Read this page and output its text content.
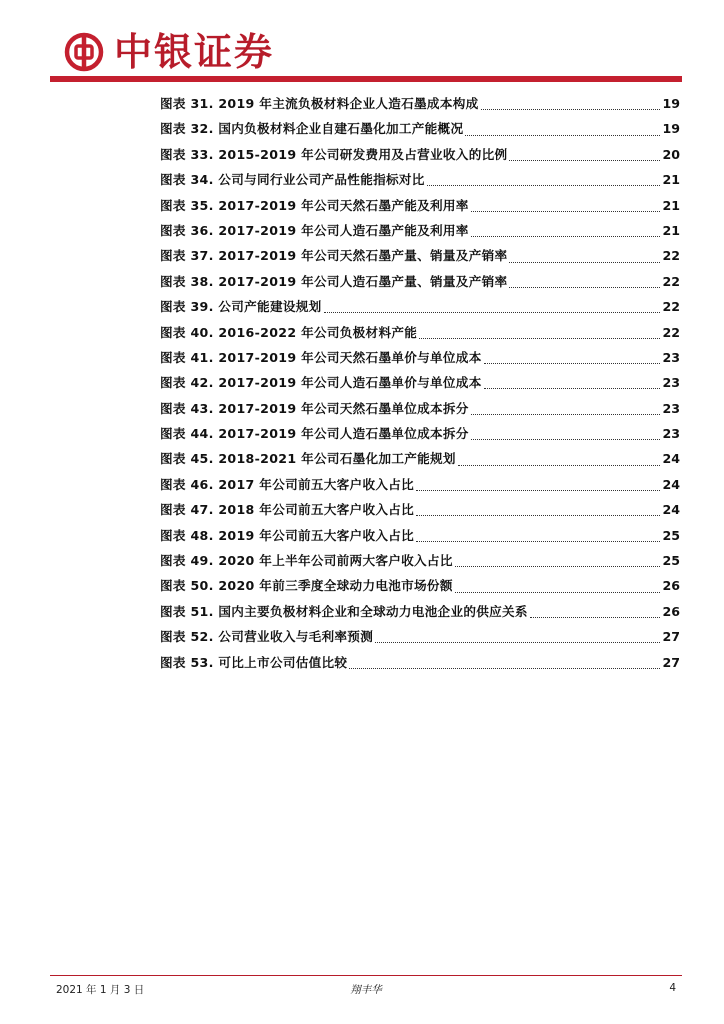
中银证券
图表 31. 2019 年主流负极材料企业人造石墨成本构成	19
图表 32. 国内负极材料企业自建石墨化加工产能概况	19
图表 33. 2015-2019 年公司研发费用及占营业收入的比例	20
图表 34. 公司与同行业公司产品性能指标对比	21
图表 35. 2017-2019 年公司天然石墨产能及利用率	21
图表 36. 2017-2019 年公司人造石墨产能及利用率	21
图表 37. 2017-2019 年公司天然石墨产量、销量及产销率	22
图表 38. 2017-2019 年公司人造石墨产量、销量及产销率	22
图表 39. 公司产能建设规划	22
图表 40. 2016-2022 年公司负极材料产能	22
图表 41. 2017-2019 年公司天然石墨单价与单位成本	23
图表 42. 2017-2019 年公司人造石墨单价与单位成本	23
图表 43. 2017-2019 年公司天然石墨单位成本拆分	23
图表 44. 2017-2019 年公司人造石墨单位成本拆分	23
图表 45. 2018-2021 年公司石墨化加工产能规划	24
图表 46. 2017 年公司前五大客户收入占比	24
图表 47. 2018 年公司前五大客户收入占比	24
图表 48. 2019 年公司前五大客户收入占比	25
图表 49. 2020 年上半年公司前两大客户收入占比	25
图表 50. 2020 年前三季度全球动力电池市场份额	26
图表 51. 国内主要负极材料企业和全球动力电池企业的供应关系	26
图表 52. 公司营业收入与毛利率预测	27
图表 53. 可比上市公司估值比较	27
2021 年 1 月 3 日	翔丰华	4
